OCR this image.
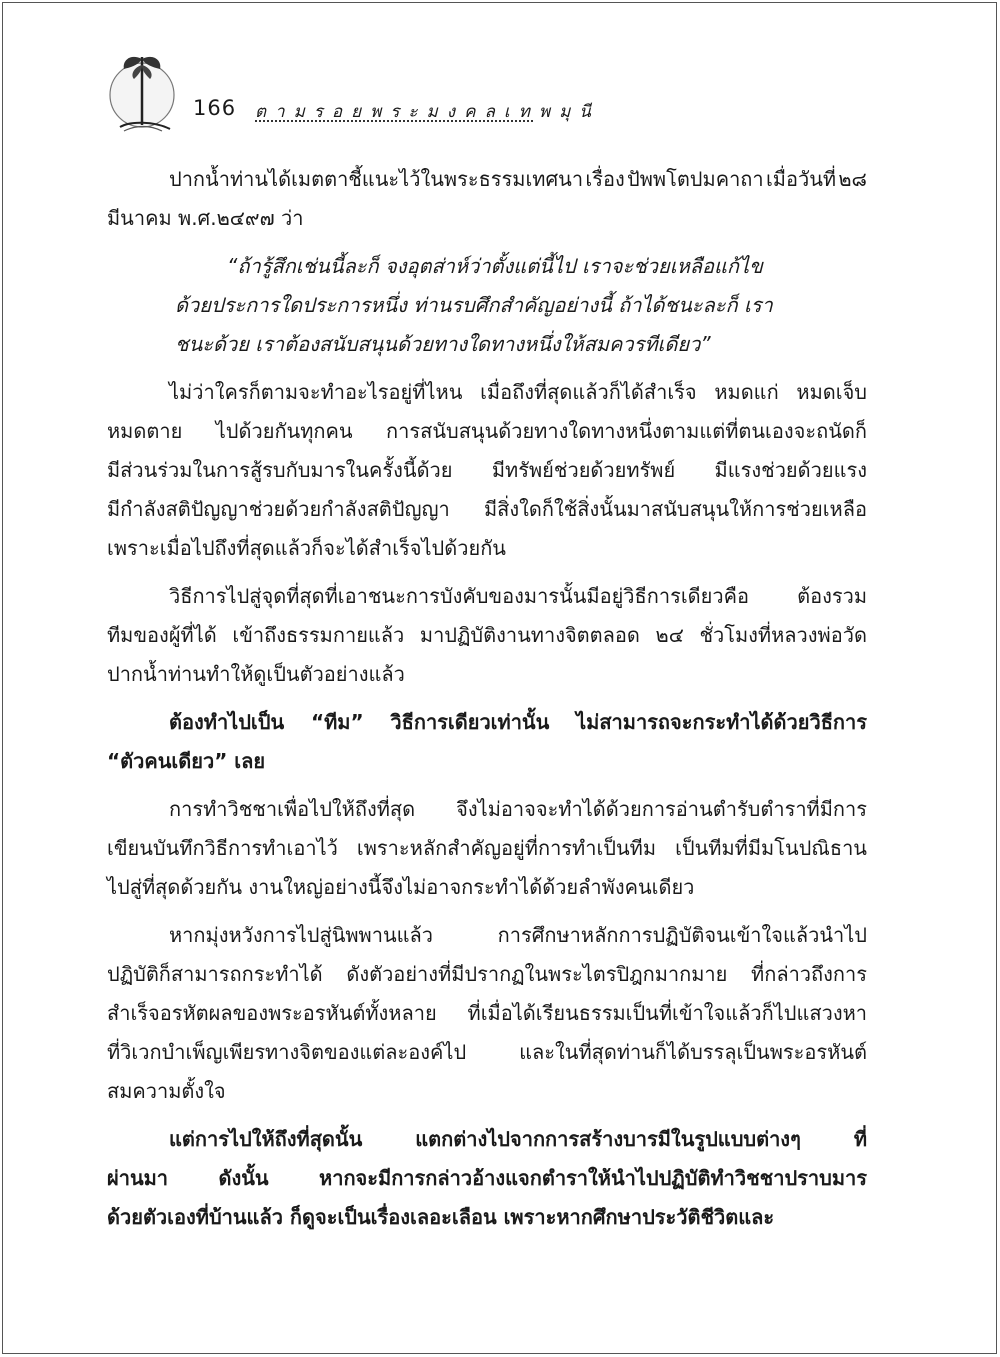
166 ตามรอยพระมงคลเทพมุนี
ปากน้ำท่านได้เมตตาชี้แนะไว้ในพระธรรมเทศนา เรื่อง ปัพพโตปมคาถา เมื่อวันที่ ๒๘
มีนาคม พ.ศ.๒๔๙๗ ว่า
“ถ้ารู้สึกเช่นนี้ละก็ จงอุตส่าห์ว่าตั้งแต่นี้ไป เราจะช่วยเหลือแก้ไข
ด้วยประการใดประการหนึ่ง ท่านรบศึกสำคัญอย่างนี้ ถ้าได้ชนะละก็ เรา
ชนะด้วย เราต้องสนับสนุนด้วยทางใดทางหนึ่งให้สมควรทีเดียว”
ไม่ว่าใครก็ตามจะทำอะไรอยู่ที่ไหน เมื่อถึงที่สุดแล้วก็ได้สำเร็จ หมดแก่ หมดเจ็บ
หมดตาย ไปด้วยกันทุกคน การสนับสนุนด้วยทางใดทางหนึ่งตามแต่ที่ตนเองจะถนัดก็
มีส่วนร่วมในการสู้รบกับมารในครั้งนี้ด้วย มีทรัพย์ช่วยด้วยทรัพย์ มีแรงช่วยด้วยแรง
มีกำลังสติปัญญาช่วยด้วยกำลังสติปัญญา มีสิ่งใดก็ใช้สิ่งนั้นมาสนับสนุนให้การช่วยเหลือ
เพราะเมื่อไปถึงที่สุดแล้วก็จะได้สำเร็จไปด้วยกัน
วิธีการไปสู่จุดที่สุดที่เอาชนะการบังคับของมารนั้นมีอยู่วิธีการเดียวคือ ต้องรวม
ทีมของผู้ที่ได้ เข้าถึงธรรมกายแล้ว มาปฏิบัติงานทางจิตตลอด ๒๔ ชั่วโมงที่หลวงพ่อวัด
ปากน้ำท่านทำให้ดูเป็นตัวอย่างแล้ว
ต้องทำไปเป็น “ทีม” วิธีการเดียวเท่านั้น ไม่สามารถจะกระทำได้ด้วยวิธีการ
“ตัวคนเดียว” เลย
การทำวิชชาเพื่อไปให้ถึงที่สุด จึงไม่อาจจะทำได้ด้วยการอ่านตำรับตำราที่มีการ
เขียนบันทึกวิธีการทำเอาไว้ เพราะหลักสำคัญอยู่ที่การทำเป็นทีม เป็นทีมที่มีมโนปณิธาน
ไปสู่ที่สุดด้วยกัน งานใหญ่อย่างนี้จึงไม่อาจกระทำได้ด้วยลำพังคนเดียว
หากมุ่งหวังการไปสู่นิพพานแล้ว	การศึกษาหลักการปฏิบัติจนเข้าใจแล้วนำไป
ปฏิบัติก็สามารถกระทำได้ ดังตัวอย่างที่มีปรากฏในพระไตรปิฎกมากมาย ที่กล่าวถึงการ
สำเร็จอรหัตผลของพระอรหันต์ทั้งหลาย ที่เมื่อได้เรียนธรรมเป็นที่เข้าใจแล้วก็ไปแสวงหา
ที่วิเวกบำเพ็ญเพียรทางจิตของแต่ละองค์ไป	และในที่สุดท่านก็ได้บรรลุเป็นพระอรหันต์
สมความตั้งใจ
แต่การไปให้ถึงที่สุดนั้น	แตกต่างไปจากการสร้างบารมีในรูปแบบต่างๆ	ที่
ผ่านมา	ดังนั้น	หากจะมีการกล่าวอ้างแจกตำราให้นำไปปฏิบัติทำวิชชาปราบมาร
ด้วยตัวเองที่บ้านแล้ว ก็ดูจะเป็นเรื่องเลอะเลือน เพราะหากศึกษาประวัติชีวิตและ
